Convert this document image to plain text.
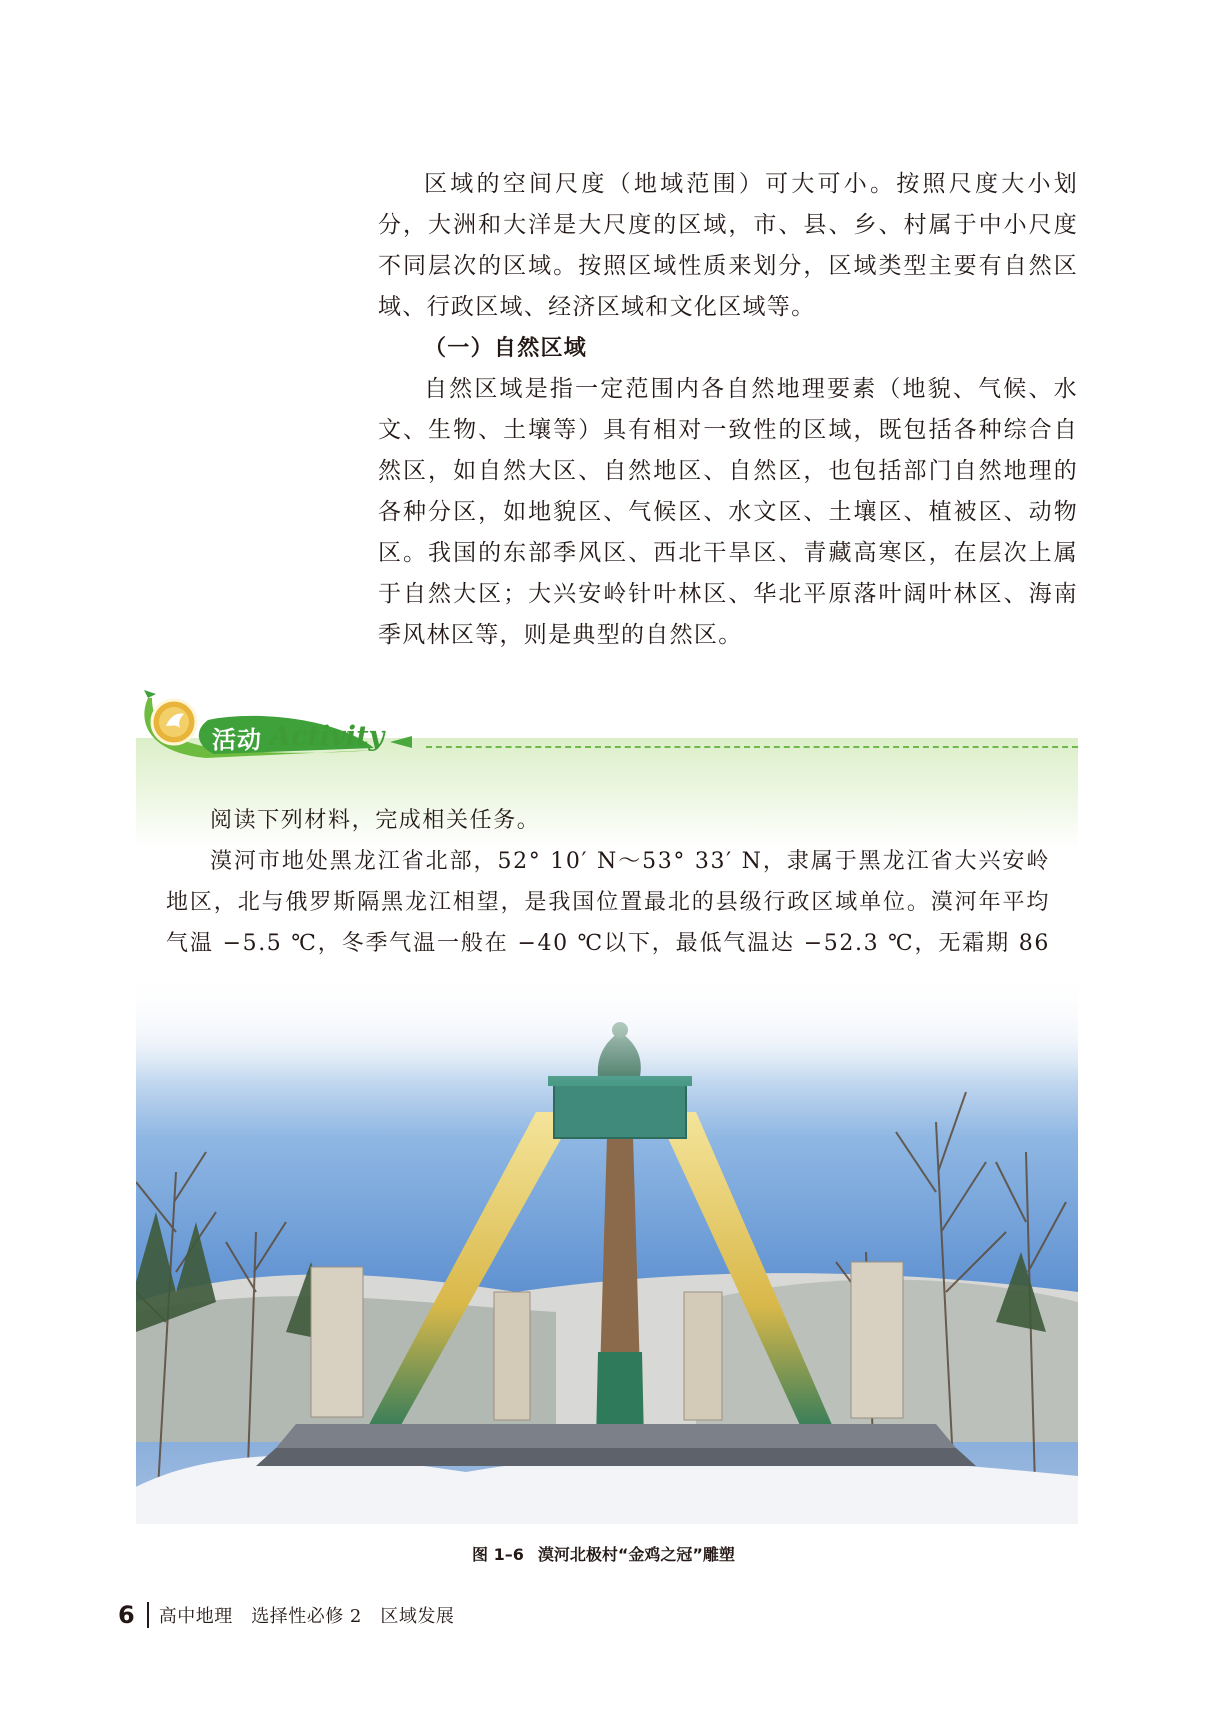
区域的空间尺度（地域范围）可大可小。按照尺度大小划分，大洲和大洋是大尺度的区域，市、县、乡、村属于中小尺度不同层次的区域。按照区域性质来划分，区域类型主要有自然区域、行政区域、经济区域和文化区域等。

（一）自然区域

自然区域是指一定范围内各自然地理要素（地貌、气候、水文、生物、土壤等）具有相对一致性的区域，既包括各种综合自然区，如自然大区、自然地区、自然区，也包括部门自然地理的各种分区，如地貌区、气候区、水文区、土壤区、植被区、动物区。我国的东部季风区、西北干旱区、青藏高寒区，在层次上属于自然大区；大兴安岭针叶林区、华北平原落叶阔叶林区、海南季风林区等，则是典型的自然区。

活动 Activity

阅读下列材料，完成相关任务。

漠河市地处黑龙江省北部，52° 10′ N～53° 33′ N，隶属于黑龙江省大兴安岭地区，北与俄罗斯隔黑龙江相望，是我国位置最北的县级行政区域单位。漠河年平均气温 −5.5 ℃，冬季气温一般在 −40 ℃以下，最低气温达 −52.3 ℃，无霜期 86

图 1–6 漠河北极村“金鸡之冠”雕塑
6 高中地理　选择性必修 2　区域发展
